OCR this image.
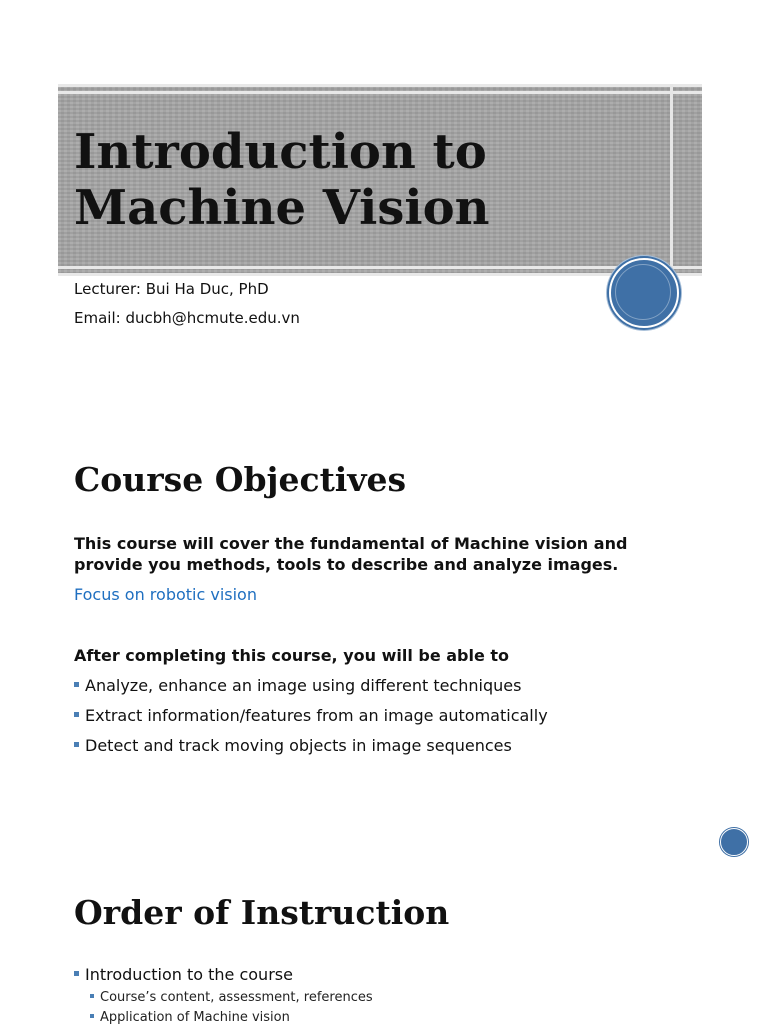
Introduction to
Machine Vision
Lecturer: Bui Ha Duc, PhD
Email: ducbh@hcmute.edu.vn
Course Objectives
This course will cover the fundamental of Machine vision and provide you methods, tools to describe and analyze images.
Focus on robotic vision
After completing this course, you will be able to
Analyze, enhance an image using different techniques
Extract information/features from an image automatically
Detect and track moving objects in image sequences
Order of Instruction
Introduction to the course
Course’s content, assessment, references
Application of Machine vision
